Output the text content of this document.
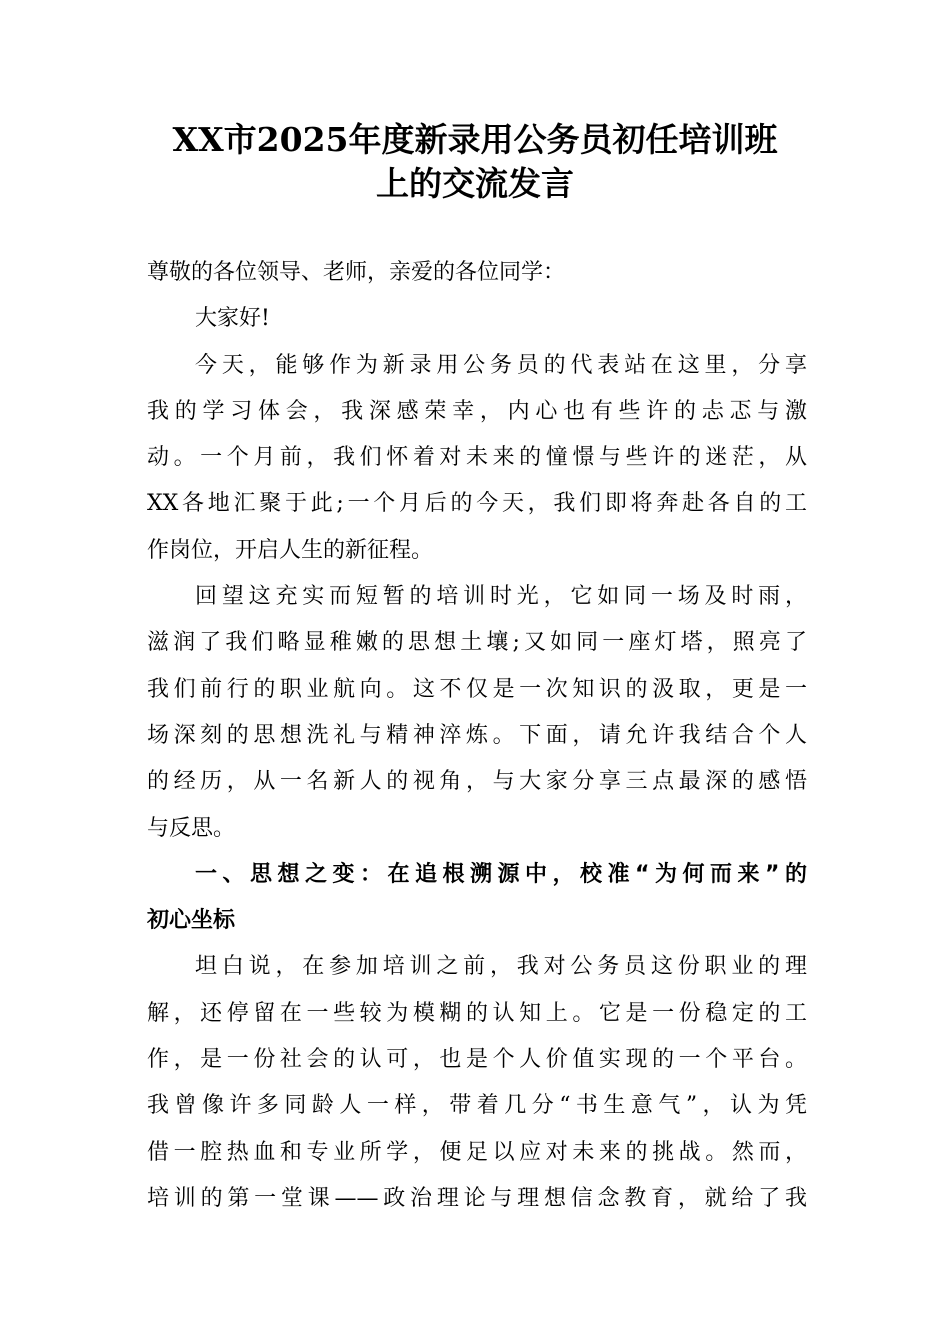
XX市2025年度新录用公务员初任培训班
上的交流发言
尊敬的各位领导、老师，亲爱的各位同学：
大家好!
今天，能够作为新录用公务员的代表站在这里，分享
我的学习体会，我深感荣幸，内心也有些许的忐忑与激
动。一个月前，我们怀着对未来的憧憬与些许的迷茫，从
XX各地汇聚于此;一个月后的今天，我们即将奔赴各自的工
作岗位，开启人生的新征程。
回望这充实而短暂的培训时光，它如同一场及时雨，
滋润了我们略显稚嫩的思想土壤;又如同一座灯塔，照亮了
我们前行的职业航向。这不仅是一次知识的汲取，更是一
场深刻的思想洗礼与精神淬炼。下面，请允许我结合个人
的经历，从一名新人的视角，与大家分享三点最深的感悟
与反思。
一、思想之变：在追根溯源中，校准“为何而来”的
初心坐标
坦白说，在参加培训之前，我对公务员这份职业的理
解，还停留在一些较为模糊的认知上。它是一份稳定的工
作，是一份社会的认可，也是个人价值实现的一个平台。
我曾像许多同龄人一样，带着几分“书生意气”，认为凭
借一腔热血和专业所学，便足以应对未来的挑战。然而，
培训的第一堂课——政治理论与理想信念教育，就给了我
